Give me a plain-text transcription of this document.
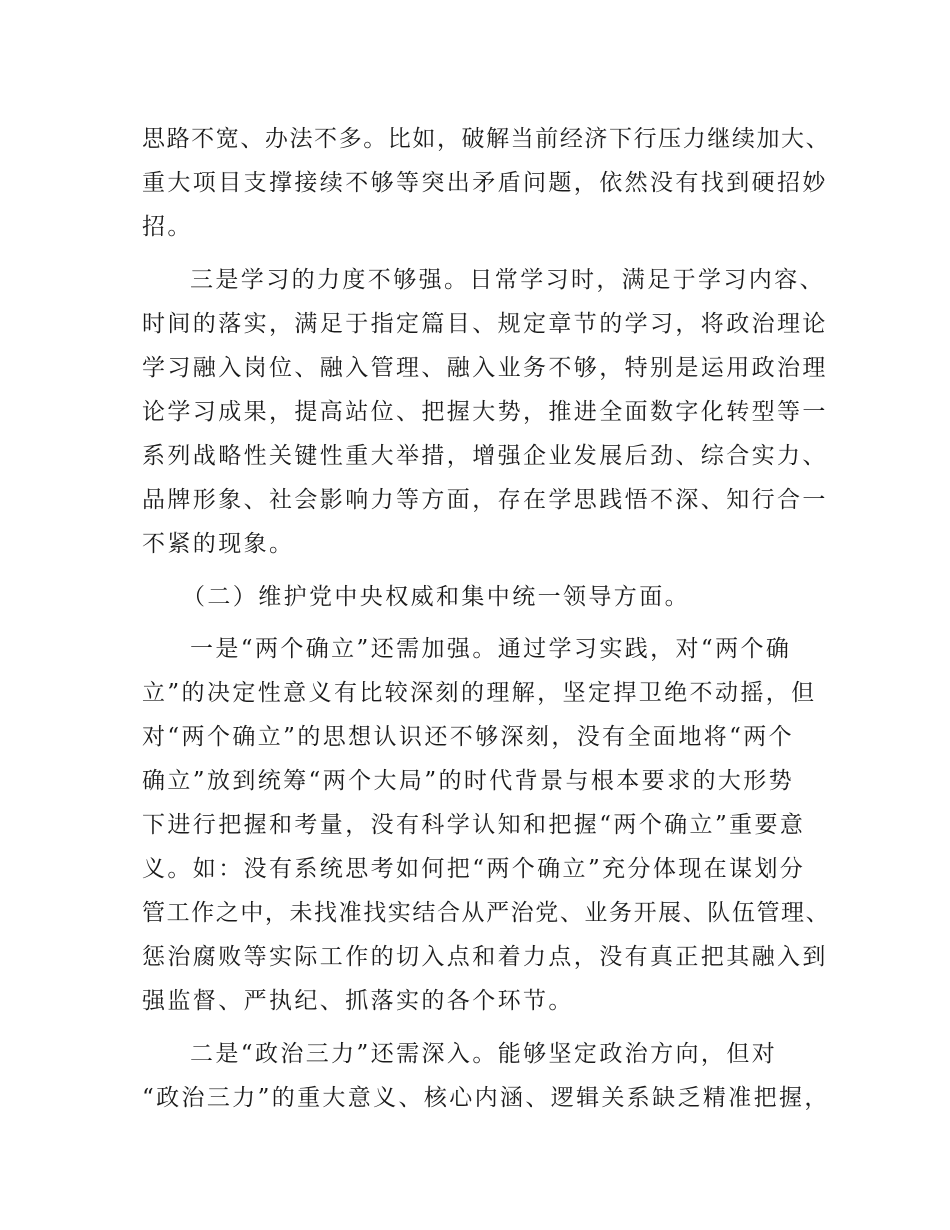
思路不宽、办法不多。比如，破解当前经济下行压力继续加大、
重大项目支撑接续不够等突出矛盾问题，依然没有找到硬招妙
招。
三是学习的力度不够强。日常学习时，满足于学习内容、
时间的落实，满足于指定篇目、规定章节的学习，将政治理论
学习融入岗位、融入管理、融入业务不够，特别是运用政治理
论学习成果，提高站位、把握大势，推进全面数字化转型等一
系列战略性关键性重大举措，增强企业发展后劲、综合实力、
品牌形象、社会影响力等方面，存在学思践悟不深、知行合一
不紧的现象。
（二）维护党中央权威和集中统一领导方面。
一是“两个确立”还需加强。通过学习实践，对“两个确
立”的决定性意义有比较深刻的理解，坚定捍卫绝不动摇，但
对“两个确立”的思想认识还不够深刻，没有全面地将“两个
确立”放到统筹“两个大局”的时代背景与根本要求的大形势
下进行把握和考量，没有科学认知和把握“两个确立”重要意
义。如：没有系统思考如何把“两个确立”充分体现在谋划分
管工作之中，未找准找实结合从严治党、业务开展、队伍管理、
惩治腐败等实际工作的切入点和着力点，没有真正把其融入到
强监督、严执纪、抓落实的各个环节。
二是“政治三力”还需深入。能够坚定政治方向，但对
“政治三力”的重大意义、核心内涵、逻辑关系缺乏精准把握，
